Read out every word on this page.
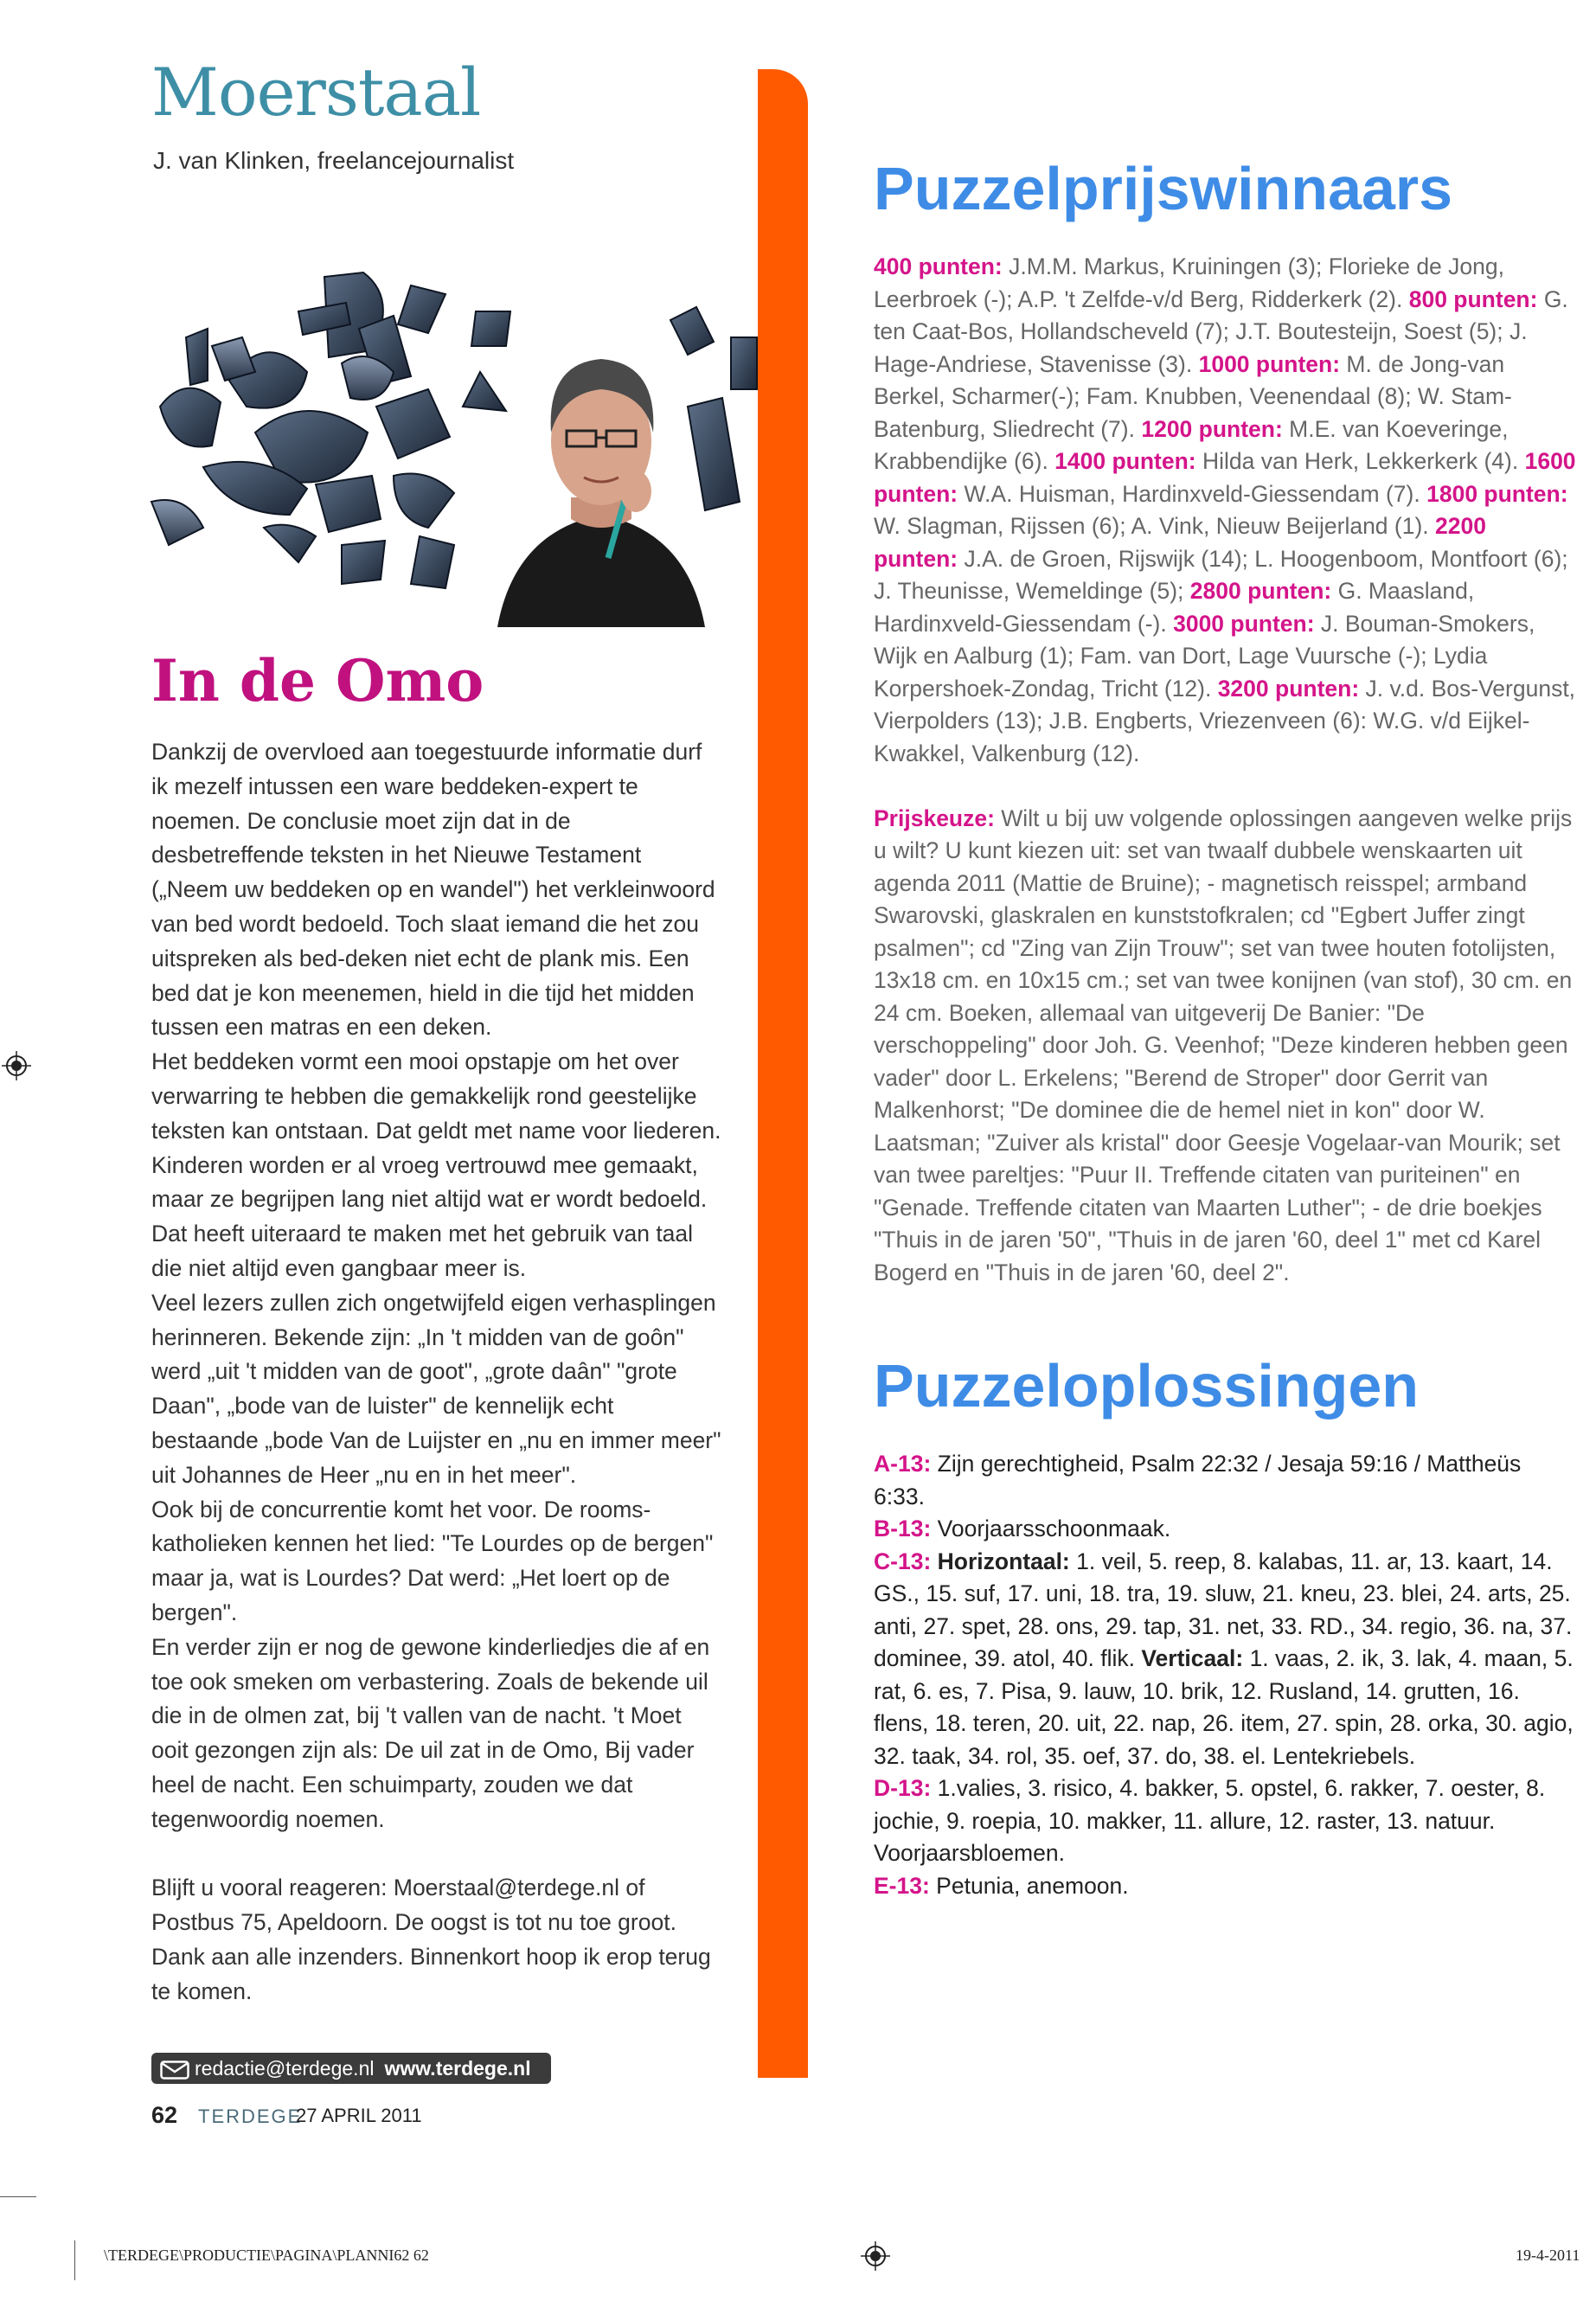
Moerstaal
J. van Klinken, freelancejournalist
In de Omo

Dankzij de overvloed aan toegestuurde informatie durf ik mezelf intussen een ware beddeken-expert te noemen. De conclusie moet zijn dat in de desbetreffende teksten in het Nieuwe Testament („Neem uw beddeken op en wandel") het verkleinwoord van bed wordt bedoeld. Toch slaat iemand die het zou uitspreken als bed-deken niet echt de plank mis. Een bed dat je kon meenemen, hield in die tijd het midden tussen een matras en een deken.

Het beddeken vormt een mooi opstapje om het over verwarring te hebben die gemakkelijk rond geestelijke teksten kan ontstaan. Dat geldt met name voor liederen. Kinderen worden er al vroeg vertrouwd mee gemaakt, maar ze begrijpen lang niet altijd wat er wordt bedoeld. Dat heeft uiteraard te maken met het gebruik van taal die niet altijd even gangbaar meer is.

Veel lezers zullen zich ongetwijfeld eigen verhasplingen herinneren. Bekende zijn: „In 't midden van de goôn" werd „uit 't midden van de goot", „grote daân" "grote Daan", „bode van de luister" de kennelijk echt bestaande „bode Van de Luijster en „nu en immer meer" uit Johannes de Heer „nu en in het meer".

Ook bij de concurrentie komt het voor. De rooms-katholieken kennen het lied: "Te Lourdes op de bergen" maar ja, wat is Lourdes? Dat werd: „Het loert op de bergen".

En verder zijn er nog de gewone kinderliedjes die af en toe ook smeken om verbastering. Zoals de bekende uil die in de olmen zat, bij 't vallen van de nacht. 't Moet ooit gezongen zijn als: De uil zat in de Omo, Bij vader heel de nacht. Een schuimparty, zouden we dat tegenwoordig noemen.

Blijft u vooral reageren: Moerstaal@terdege.nl of Postbus 75, Apeldoorn. De oogst is tot nu toe groot. Dank aan alle inzenders. Binnenkort hoop ik erop terug te komen.

Puzzelprijswinnaars

400 punten: J.M.M. Markus, Kruiningen (3); Florieke de Jong, Leerbroek (-); A.P. 't Zelfde-v/d Berg, Ridderkerk (2). 800 punten: G. ten Caat-Bos, Hollandscheveld (7); J.T. Boutesteijn, Soest (5); J. Hage-Andriese, Stavenisse (3). 1000 punten: M. de Jong-van Berkel, Scharmer(-); Fam. Knubben, Veenendaal (8); W. Stam-Batenburg, Sliedrecht (7). 1200 punten: M.E. van Koeveringe, Krabbendijke (6). 1400 punten: Hilda van Herk, Lekkerkerk (4). 1600 punten: W.A. Huisman, Hardinxveld-Giessendam (7). 1800 punten: W. Slagman, Rijssen (6); A. Vink, Nieuw Beijerland (1). 2200 punten: J.A. de Groen, Rijswijk (14); L. Hoogenboom, Montfoort (6); J. Theunisse, Wemeldinge (5); 2800 punten: G. Maasland, Hardinxveld-Giessendam (-). 3000 punten: J. Bouman-Smokers, Wijk en Aalburg (1); Fam. van Dort, Lage Vuursche (-); Lydia Korpershoek-Zondag, Tricht (12). 3200 punten: J. v.d. Bos-Vergunst, Vierpolders (13); J.B. Engberts, Vriezenveen (6): W.G. v/d Eijkel-Kwakkel, Valkenburg (12).

Prijskeuze: Wilt u bij uw volgende oplossingen aangeven welke prijs u wilt? U kunt kiezen uit: set van twaalf dubbele wenskaarten uit agenda 2011 (Mattie de Bruine); - magnetisch reisspel; armband Swarovski, glaskralen en kunststofkralen; cd "Egbert Juffer zingt psalmen"; cd "Zing van Zijn Trouw"; set van twee houten fotolijsten, 13x18 cm. en 10x15 cm.; set van twee konijnen (van stof), 30 cm. en 24 cm. Boeken, allemaal van uitgeverij De Banier: "De verschoppeling" door Joh. G. Veenhof; "Deze kinderen hebben geen vader" door L. Erkelens; "Berend de Stroper" door Gerrit van Malkenhorst; "De dominee die de hemel niet in kon" door W. Laatsman; "Zuiver als kristal" door Geesje Vogelaar-van Mourik; set van twee pareltjes: "Puur II. Treffende citaten van puriteinen" en "Genade. Treffende citaten van Maarten Luther"; - de drie boekjes "Thuis in de jaren '50", "Thuis in de jaren '60, deel 1" met cd Karel Bogerd en "Thuis in de jaren '60, deel 2".

Puzzeloplossingen

A-13: Zijn gerechtigheid, Psalm 22:32 / Jesaja 59:16 / Mattheüs 6:33.

B-13: Voorjaarsschoonmaak.

C-13: Horizontaal: 1. veil, 5. reep, 8. kalabas, 11. ar, 13. kaart, 14. GS., 15. suf, 17. uni, 18. tra, 19. sluw, 21. kneu, 23. blei, 24. arts, 25. anti, 27. spet, 28. ons, 29. tap, 31. net, 33. RD., 34. regio, 36. na, 37. dominee, 39. atol, 40. flik. Verticaal: 1. vaas, 2. ik, 3. lak, 4. maan, 5. rat, 6. es, 7. Pisa, 9. lauw, 10. brik, 12. Rusland, 14. grutten, 16. flens, 18. teren, 20. uit, 22. nap, 26. item, 27. spin, 28. orka, 30. agio, 32. taak, 34. rol, 35. oef, 37. do, 38. el. Lentekriebels.

D-13: 1.valies, 3. risico, 4. bakker, 5. opstel, 6. rakker, 7. oester, 8. jochie, 9. roepia, 10. makker, 11. allure, 12. raster, 13. natuur. Voorjaarsbloemen.

E-13: Petunia, anemoon.

redactie@terdege.nl www.terdege.nl
62 TERDEGE
27 APRIL 2011
\TERDEGE\PRODUCTIE\PAGINA\PLANNI62 62	19-4-2011
